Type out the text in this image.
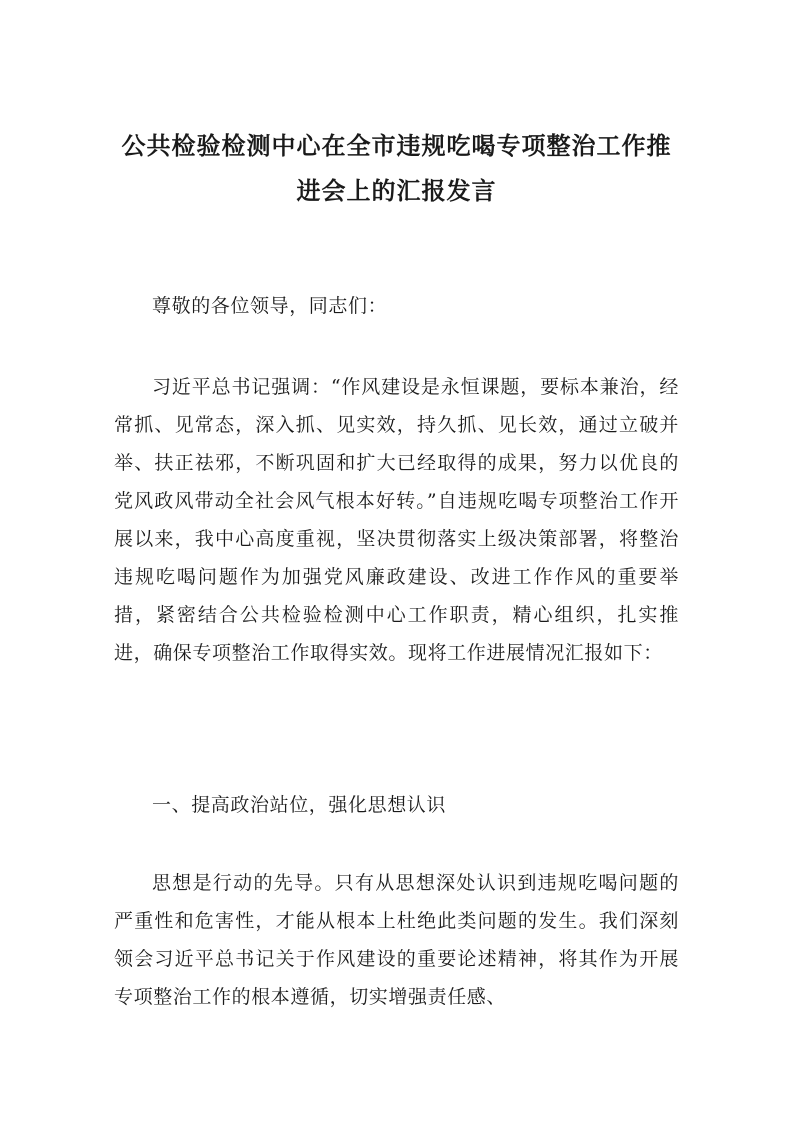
公共检验检测中心在全市违规吃喝专项整治工作推
进会上的汇报发言

尊敬的各位领导，同志们：

习近平总书记强调：“作风建设是永恒课题，要标本兼治，经常抓、见常态，深入抓、见实效，持久抓、见长效，通过立破并举、扶正祛邪，不断巩固和扩大已经取得的成果，努力以优良的党风政风带动全社会风气根本好转。”自违规吃喝专项整治工作开展以来，我中心高度重视，坚决贯彻落实上级决策部署，将整治违规吃喝问题作为加强党风廉政建设、改进工作作风的重要举措，紧密结合公共检验检测中心工作职责，精心组织，扎实推进，确保专项整治工作取得实效。现将工作进展情况汇报如下：

一、提高政治站位，强化思想认识

思想是行动的先导。只有从思想深处认识到违规吃喝问题的严重性和危害性，才能从根本上杜绝此类问题的发生。我们深刻领会习近平总书记关于作风建设的重要论述精神，将其作为开展专项整治工作的根本遵循，切实增强责任感、
